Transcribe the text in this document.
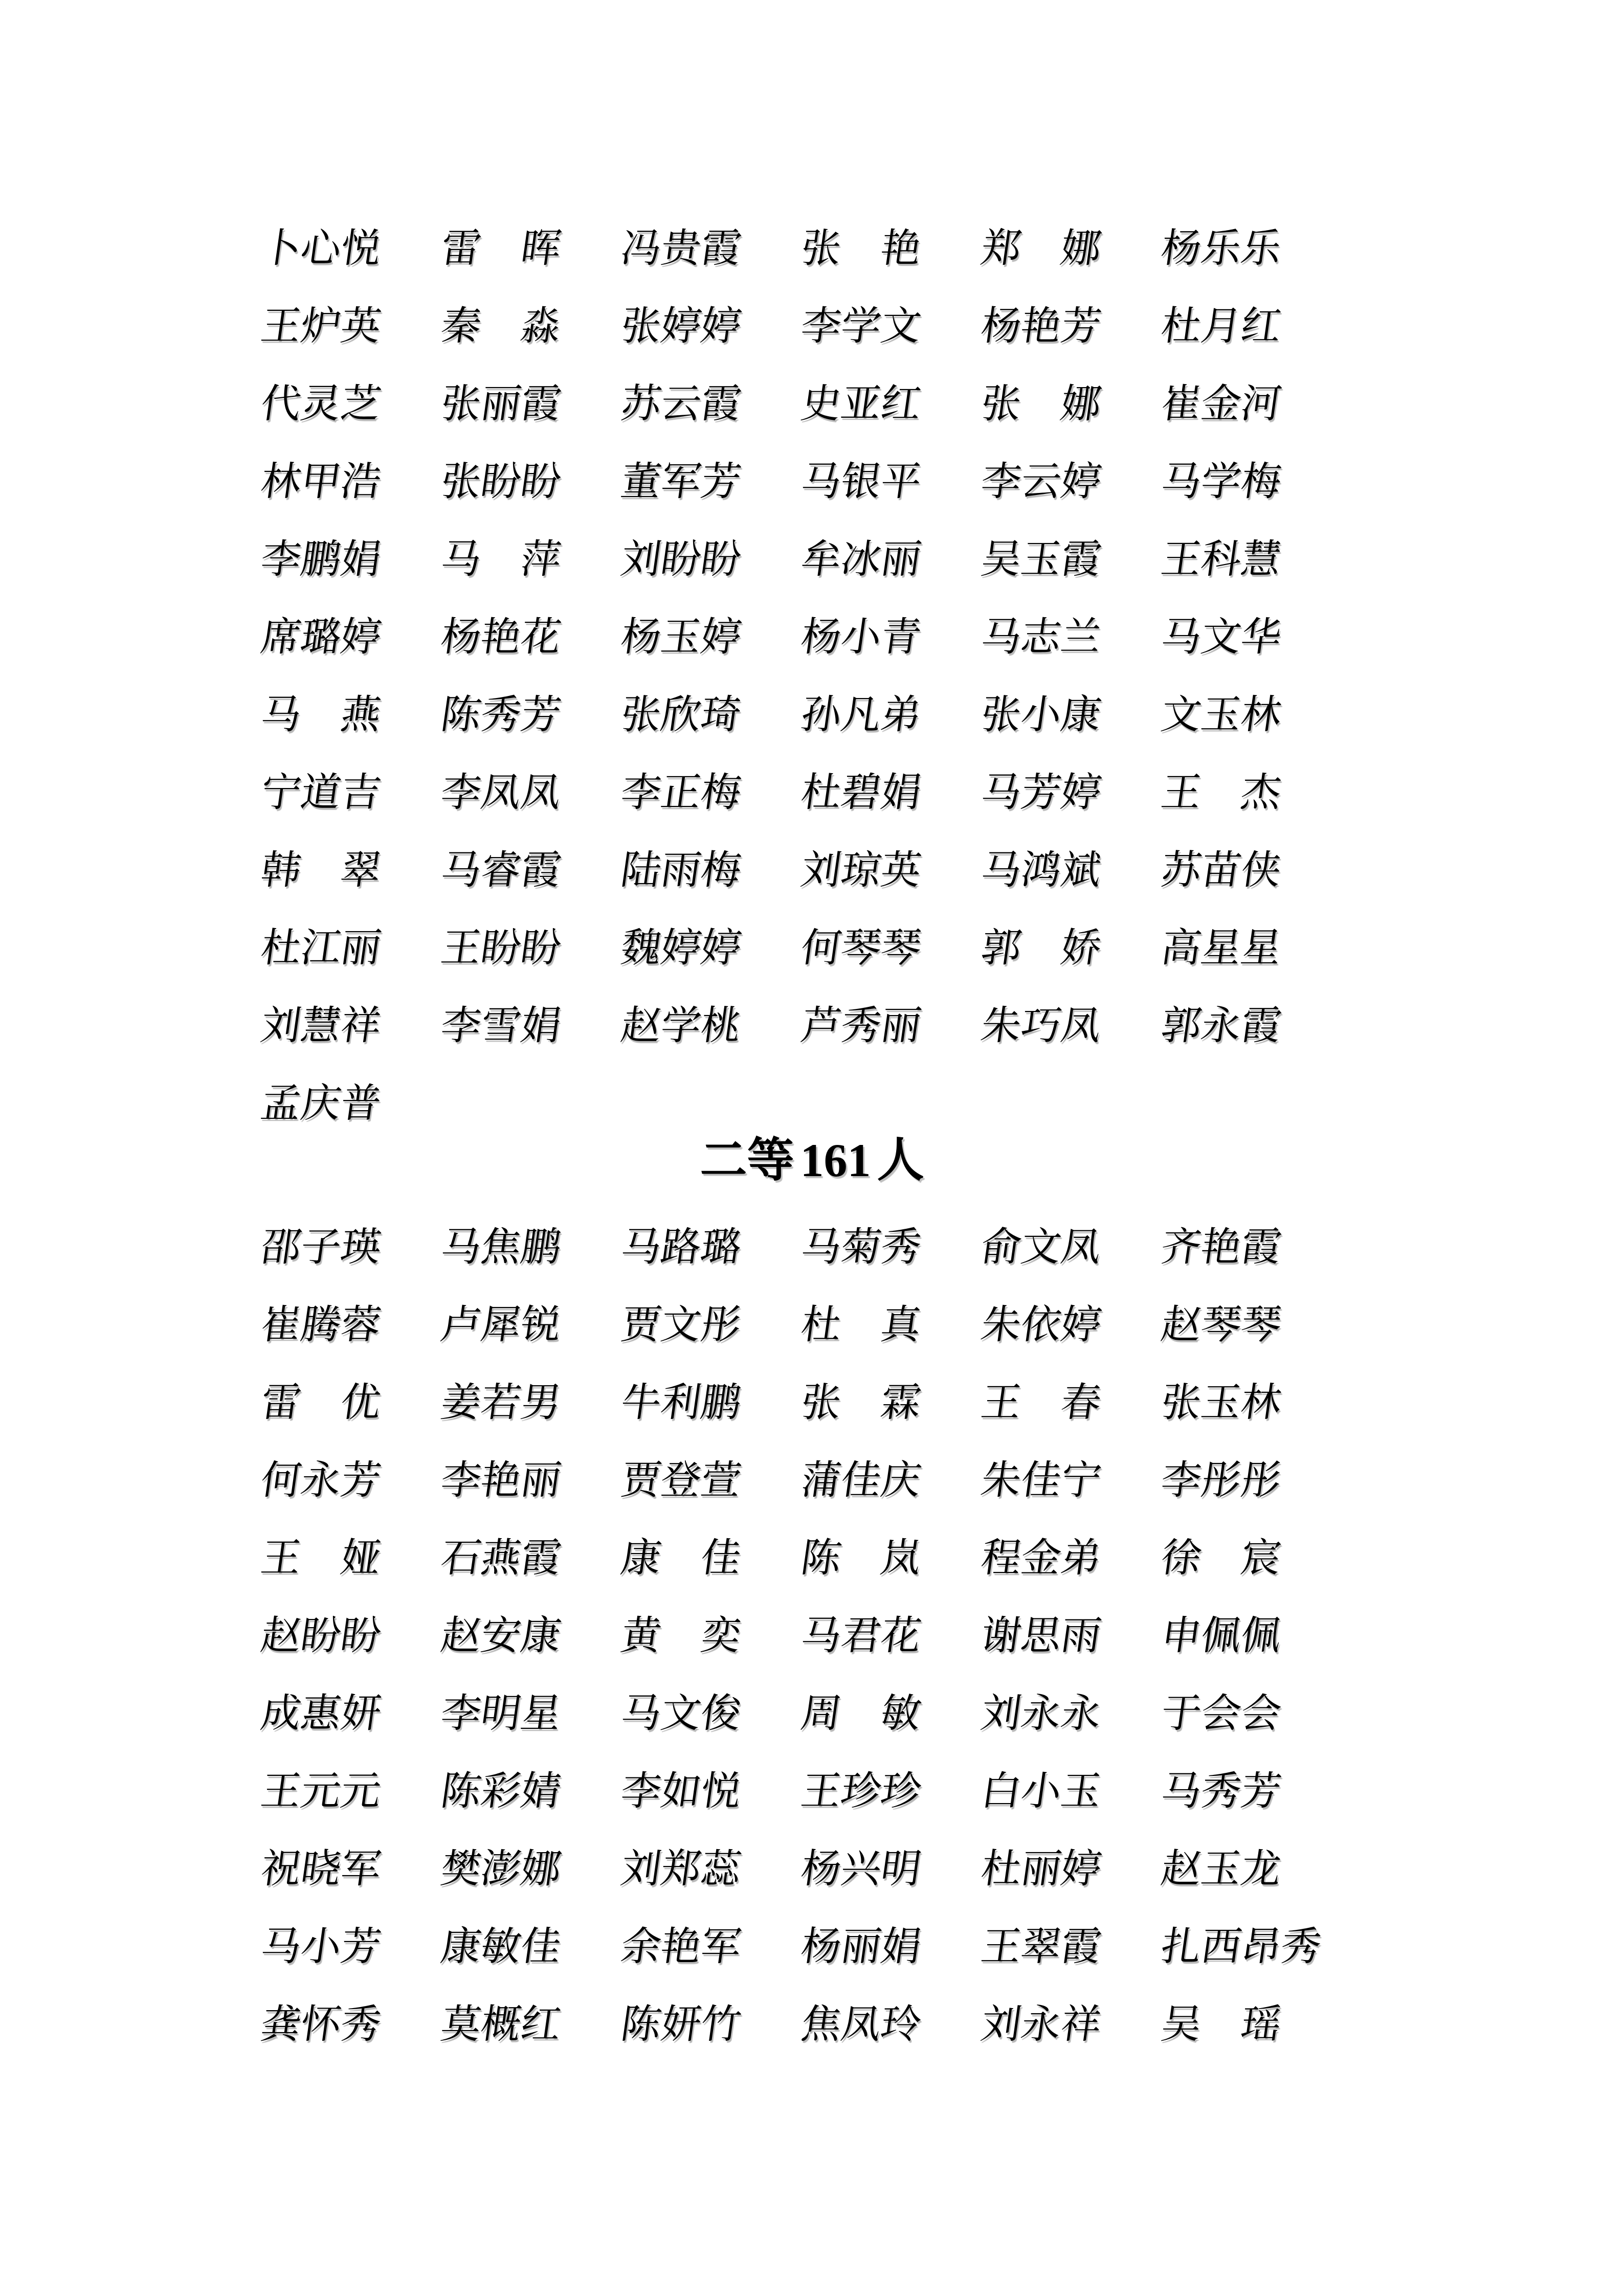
卜心悦 雷 晖 冯贵霞 张 艳 郑 娜 杨乐乐
王炉英 秦 淼 张婷婷 李学文 杨艳芳 杜月红
代灵芝 张丽霞 苏云霞 史亚红 张 娜 崔金河
林甲浩 张盼盼 董军芳 马银平 李云婷 马学梅
李鹏娟 马 萍 刘盼盼 牟冰丽 吴玉霞 王科慧
席璐婷 杨艳花 杨玉婷 杨小青 马志兰 马文华
马 燕 陈秀芳 张欣琦 孙凡弟 张小康 文玉林
宁道吉 李凤凤 李正梅 杜碧娟 马芳婷 王 杰
韩 翠 马睿霞 陆雨梅 刘琼英 马鸿斌 苏苗侠
杜江丽 王盼盼 魏婷婷 何琴琴 郭 娇 高星星
刘慧祥 李雪娟 赵学桃 芦秀丽 朱巧凤 郭永霞
孟庆普
二等 161 人
邵子瑛 马焦鹏 马路璐 马菊秀 俞文凤 齐艳霞
崔腾蓉 卢犀锐 贾文彤 杜 真 朱依婷 赵琴琴
雷 优 姜若男 牛利鹏 张 霖 王 春 张玉林
何永芳 李艳丽 贾登萱 蒲佳庆 朱佳宁 李彤彤
王 娅 石燕霞 康 佳 陈 岚 程金弟 徐 宸
赵盼盼 赵安康 黄 奕 马君花 谢思雨 申佩佩
成惠妍 李明星 马文俊 周 敏 刘永永 于会会
王元元 陈彩婧 李如悦 王珍珍 白小玉 马秀芳
祝晓军 樊澎娜 刘郑蕊 杨兴明 杜丽婷 赵玉龙
马小芳 康敏佳 余艳军 杨丽娟 王翠霞 扎西昂秀
龚怀秀 莫概红 陈妍竹 焦凤玲 刘永祥 吴 瑶
